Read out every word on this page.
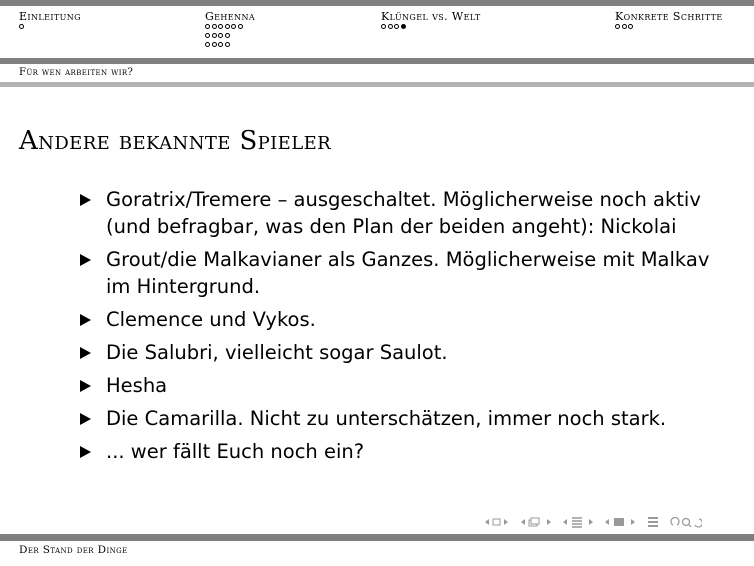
Einleitung	Gehenna	Klüngel vs. Welt	Konkrete Schritte
Für wen arbeiten wir?
Andere bekannte Spieler
Goratrix/Tremere – ausgeschaltet. Möglicherweise noch aktiv (und befragbar, was den Plan der beiden angeht): Nickolai
Grout/die Malkavianer als Ganzes. Möglicherweise mit Malkav im Hintergrund.
Clemence und Vykos.
Die Salubri, vielleicht sogar Saulot.
Hesha
Die Camarilla. Nicht zu unterschätzen, immer noch stark.
... wer fällt Euch noch ein?
Der Stand der Dinge
